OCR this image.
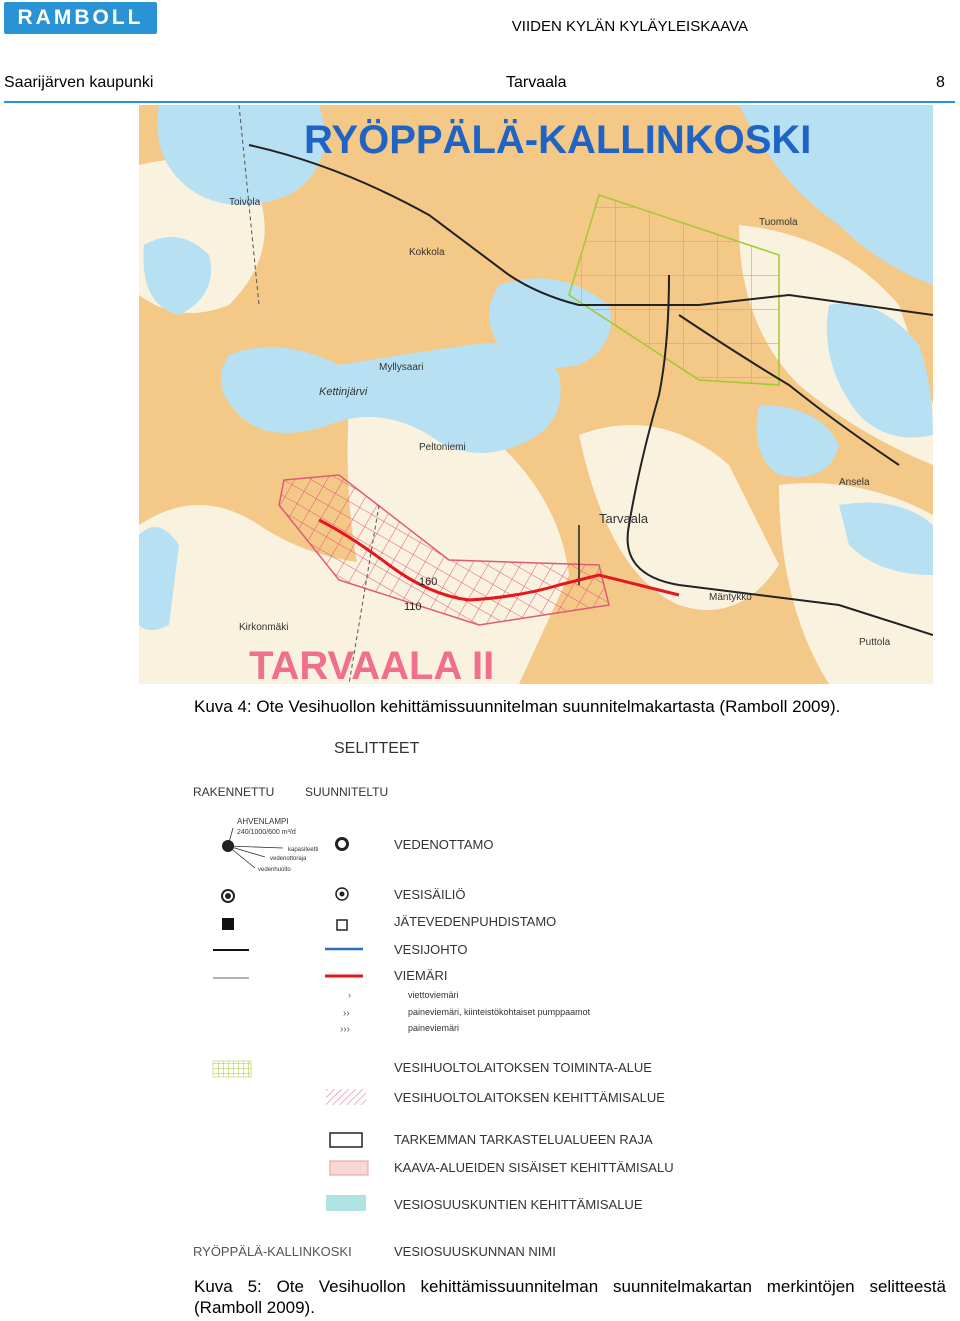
RAMBOLL	VIIDEN KYLÄN KYLÄYLEISKAAVA
Saarijärven kaupunki	Tarvaala	8
RYÖPPÄLÄ-KALLINKOSKI
TARVAALA II
Kettinjärvi
Tarvaala
Toivola
Kokkola
Tuomola
Myllysaari
Peltoniemi
Mäntykkö
Ansela
Puttola
Kirkonmäki
160
110
Kuva 4: Ote Vesihuollon kehittämissuunnitelman suunnitelmakartasta (Ramboll 2009).
SELITTEET
RAKENNETTU	SUUNNITELTU
AHVENLAMPI
240/1000/600 m³/d
kapasiteetti
vedenottoraja
vedenhuolto
VEDENOTTAMO
VESISÄILIÖ
JÄTEVEDENPUHDISTAMO
VESIJOHTO
VIEMÄRI
›	viettoviemäri
››	paineviemäri, kiinteistökohtaiset pumppaamot
›››	paineviemäri
VESIHUOLTOLAITOKSEN TOIMINTA-ALUE
VESIHUOLTOLAITOKSEN KEHITTÄMISALUE
TARKEMMAN TARKASTELUALUEEN RAJA
KAAVA-ALUEIDEN SISÄISET KEHITTÄMISALU
VESIOSUUSKUNTIEN KEHITTÄMISALUE
RYÖPPÄLÄ-KALLINKOSKI	VESIOSUUSKUNNAN NIMI
Kuva 5: Ote Vesihuollon kehittämissuunnitelman suunnitelmakartan merkintöjen selitteestä (Ramboll 2009).
